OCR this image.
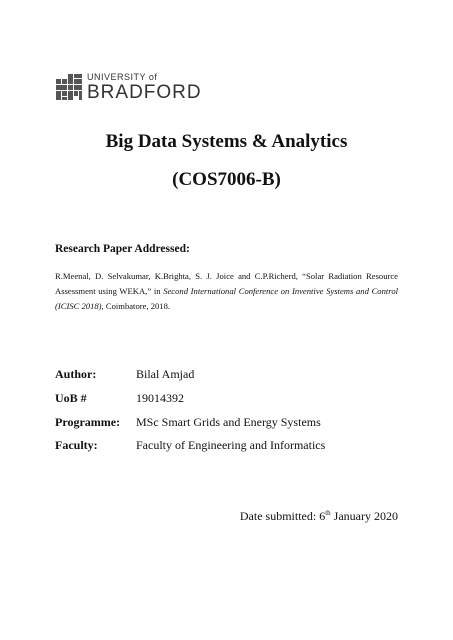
UNIVERSITY of
BRADFORD
Big Data Systems & Analytics
(COS7006-B)
Research Paper Addressed:
R.Meenal, D. Selvakumar, K.Brighta, S. J. Joice and C.P.Richerd, “Solar Radiation Resource Assessment using WEKA,” in Second International Conference on Inventive Systems and Control (ICISC 2018), Coimbatore, 2018.
Author:	Bilal Amjad
UoB #	19014392
Programme:	MSc Smart Grids and Energy Systems
Faculty:	Faculty of Engineering and Informatics
Date submitted: 6th January 2020
